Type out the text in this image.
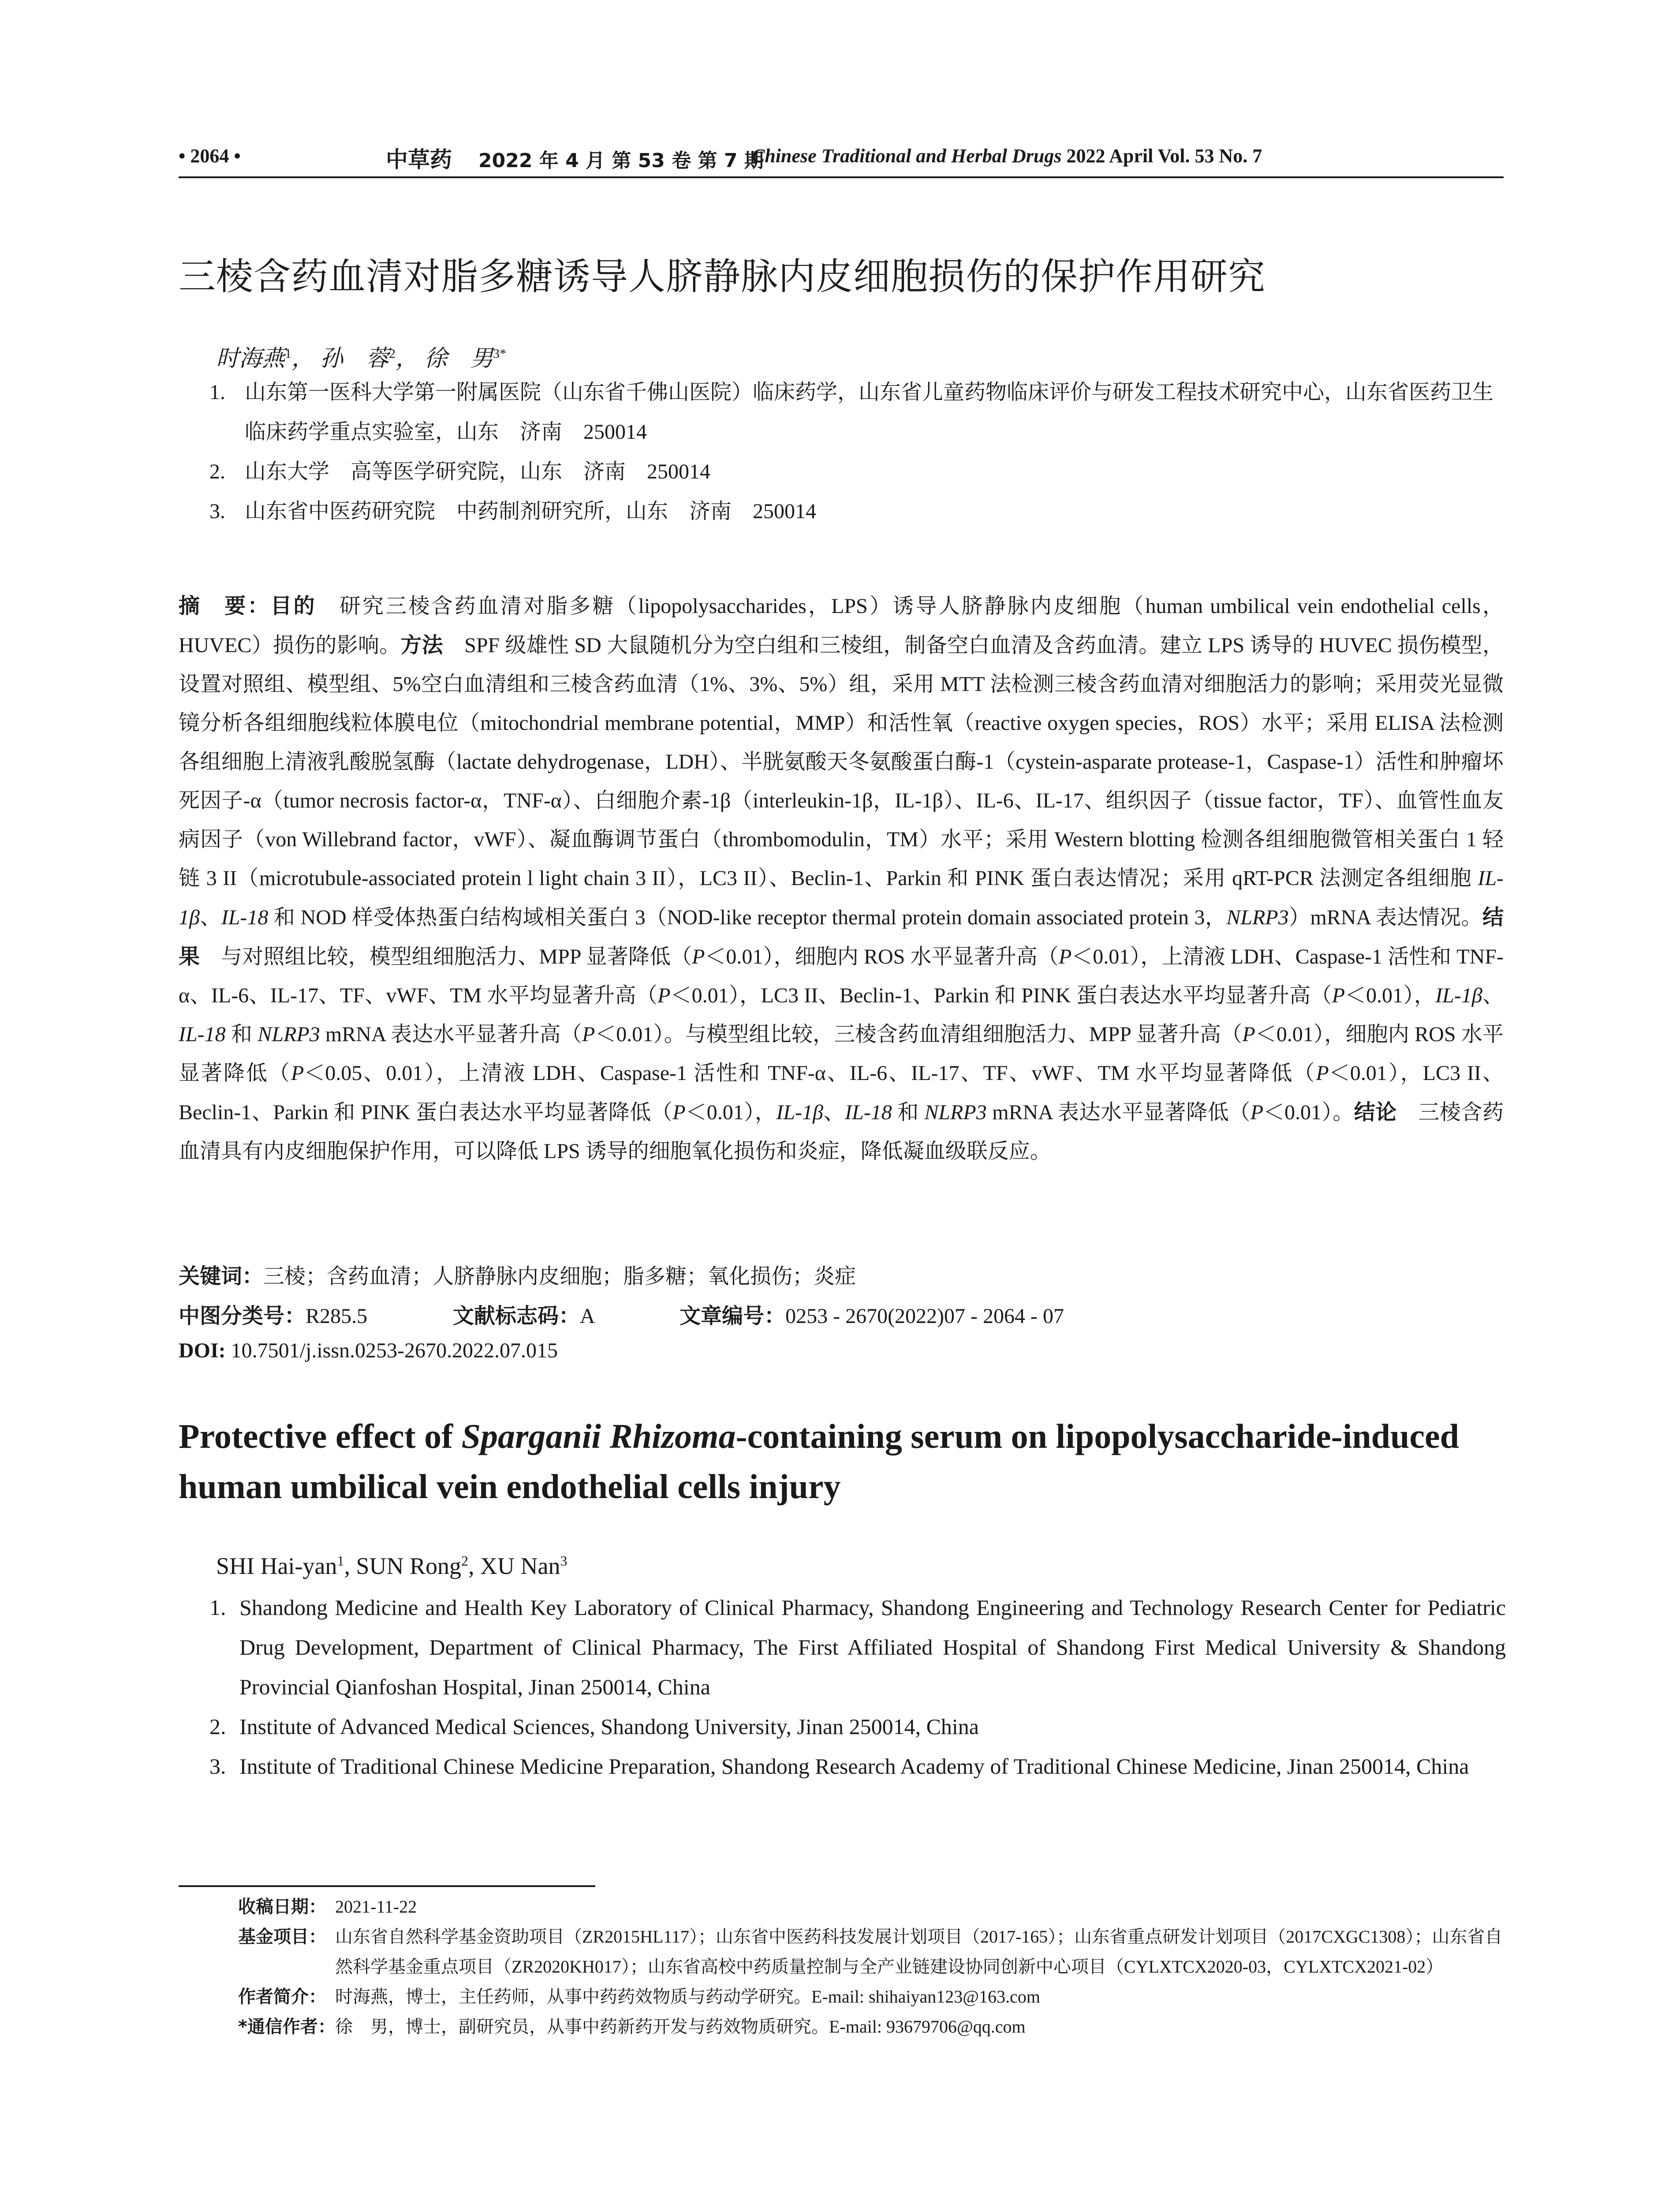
• 2064 •	中草药 2022 年 4 月 第 53 卷 第 7 期
Chinese Traditional and Herbal Drugs 2022 April Vol. 53 No. 7
三棱含药血清对脂多糖诱导人脐静脉内皮细胞损伤的保护作用研究
时海燕$^1$， 孙　蓉$^2$， 徐　男$^{3*}$
1. 山东第一医科大学第一附属医院（山东省千佛山医院）临床药学，山东省儿童药物临床评价与研发工程技术研究中心，山东省医药卫生临床药学重点实验室，山东　济南　250014
2. 山东大学　高等医学研究院，山东　济南　250014
3. 山东省中医药研究院　中药制剂研究所，山东　济南　250014
摘　要：目的　研究三棱含药血清对脂多糖（lipopolysaccharides，LPS）诱导人脐静脉内皮细胞（human umbilical vein endothelial cells，HUVEC）损伤的影响。方法　SPF 级雄性 SD 大鼠随机分为空白组和三棱组，制备空白血清及含药血清。建立 LPS 诱导的 HUVEC 损伤模型，设置对照组、模型组、5%空白血清组和三棱含药血清（1%、3%、5%）组，采用 MTT 法检测三棱含药血清对细胞活力的影响；采用荧光显微镜分析各组细胞线粒体膜电位（mitochondrial membrane potential，MMP）和活性氧（reactive oxygen species，ROS）水平；采用 ELISA 法检测各组细胞上清液乳酸脱氢酶（lactate dehydrogenase，LDH）、半胱氨酸天冬氨酸蛋白酶-1（cystein-asparate protease-1，Caspase-1）活性和肿瘤坏死因子-α（tumor necrosis factor-α，TNF-α）、白细胞介素-1β（interleukin-1β，IL-1β）、IL-6、IL-17、组织因子（tissue factor，TF）、血管性血友病因子（von Willebrand factor，vWF）、凝血酶调节蛋白（thrombomodulin，TM）水平；采用 Western blotting 检测各组细胞微管相关蛋白 1 轻链 3 II（microtubule-associated protein l light chain 3 II），LC3 II）、Beclin-1、Parkin 和 PINK 蛋白表达情况；采用 qRT-PCR 法测定各组细胞 IL-1β、IL-18 和 NOD 样受体热蛋白结构域相关蛋白 3（NOD-like receptor thermal protein domain associated protein 3，NLRP3）mRNA 表达情况。结果　与对照组比较，模型组细胞活力、MPP 显著降低（P＜0.01），细胞内 ROS 水平显著升高（P＜0.01），上清液 LDH、Caspase-1 活性和 TNF-α、IL-6、IL-17、TF、vWF、TM 水平均显著升高（P＜0.01），LC3 II、Beclin-1、Parkin 和 PINK 蛋白表达水平均显著升高（P＜0.01），IL-1β、IL-18 和 NLRP3 mRNA 表达水平显著升高（P＜0.01）。与模型组比较，三棱含药血清组细胞活力、MPP 显著升高（P＜0.01），细胞内 ROS 水平显著降低（P＜0.05、0.01），上清液 LDH、Caspase-1 活性和 TNF-α、IL-6、IL-17、TF、vWF、TM 水平均显著降低（P＜0.01），LC3 II、Beclin-1、Parkin 和 PINK 蛋白表达水平均显著降低（P＜0.01），IL-1β、IL-18 和 NLRP3 mRNA 表达水平显著降低（P＜0.01）。结论　三棱含药血清具有内皮细胞保护作用，可以降低 LPS 诱导的细胞氧化损伤和炎症，降低凝血级联反应。
关键词：三棱；含药血清；人脐静脉内皮细胞；脂多糖；氧化损伤；炎症
中图分类号：R285.5	文献标志码：A	文章编号：0253 - 2670(2022)07 - 2064 - 07
DOI: 10.7501/j.issn.0253-2670.2022.07.015
Protective effect of Sparganii Rhizoma-containing serum on lipopolysaccharide-induced human umbilical vein endothelial cells injury
SHI Hai-yan$^1$, SUN Rong$^2$, XU Nan$^3$
1. Shandong Medicine and Health Key Laboratory of Clinical Pharmacy, Shandong Engineering and Technology Research Center for Pediatric Drug Development, Department of Clinical Pharmacy, The First Affiliated Hospital of Shandong First Medical University & Shandong Provincial Qianfoshan Hospital, Jinan 250014, China
2. Institute of Advanced Medical Sciences, Shandong University, Jinan 250014, China
3. Institute of Traditional Chinese Medicine Preparation, Shandong Research Academy of Traditional Chinese Medicine, Jinan 250014, China
收稿日期： 2021-11-22
基金项目： 山东省自然科学基金资助项目（ZR2015HL117）；山东省中医药科技发展计划项目（2017-165）；山东省重点研发计划项目（2017CXGC1308）；山东省自然科学基金重点项目（ZR2020KH017）；山东省高校中药质量控制与全产业链建设协同创新中心项目（CYLXTCX2020-03，CYLXTCX2021-02）
作者简介： 时海燕，博士，主任药师，从事中药药效物质与药动学研究。E-mail: shihaiyan123@163.com
*通信作者： 徐　男，博士，副研究员，从事中药新药开发与药效物质研究。E-mail: 93679706@qq.com
